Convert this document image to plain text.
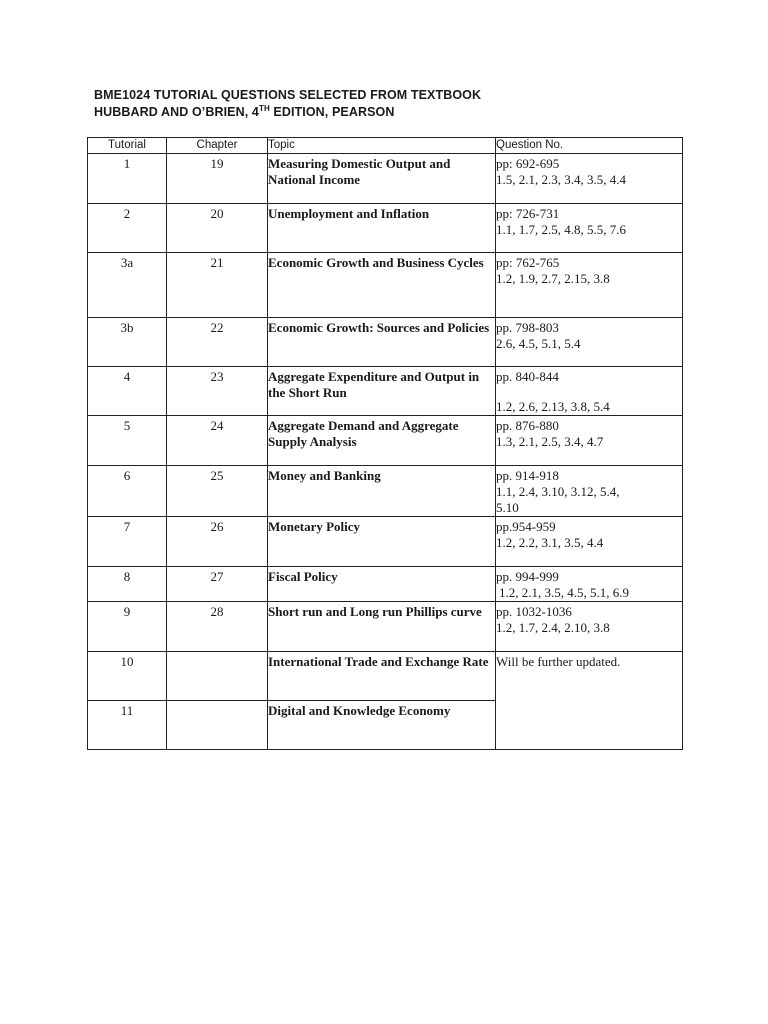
BME1024 TUTORIAL QUESTIONS SELECTED FROM TEXTBOOK
HUBBARD AND O’BRIEN, 4TH EDITION, PEARSON
Tutorial	Chapter	Topic	Question No.
1	19	Measuring Domestic Output and National Income	pp: 692-695
1.5, 2.1, 2.3, 3.4, 3.5, 4.4

2	20	Unemployment and Inflation	pp: 726-731
1.1, 1.7, 2.5, 4.8, 5.5, 7.6

3a	21	Economic Growth and Business Cycles	pp: 762-765
1.2, 1.9, 2.7, 2.15, 3.8

3b	22	Economic Growth: Sources and Policies	pp. 798-803
2.6, 4.5, 5.1, 5.4

4	23	Aggregate Expenditure and Output in the Short Run	pp. 840-844
1.2, 2.6, 2.13, 3.8, 5.4

5	24	Aggregate Demand and Aggregate Supply Analysis	pp. 876-880
1.3, 2.1, 2.5, 3.4, 4.7

6	25	Money and Banking	pp. 914-918
1.1, 2.4, 3.10, 3.12, 5.4,
5.10

7	26	Monetary Policy	pp.954-959
1.2, 2.2, 3.1, 3.5, 4.4

8	27	Fiscal Policy	pp. 994-999
1.2, 2.1, 3.5, 4.5, 5.1, 6.9

9	28	Short run and Long run Phillips curve	pp. 1032-1036
1.2, 1.7, 2.4, 2.10, 3.8

10		International Trade and Exchange Rate	Will be further updated.

11		Digital and Knowledge Economy	
